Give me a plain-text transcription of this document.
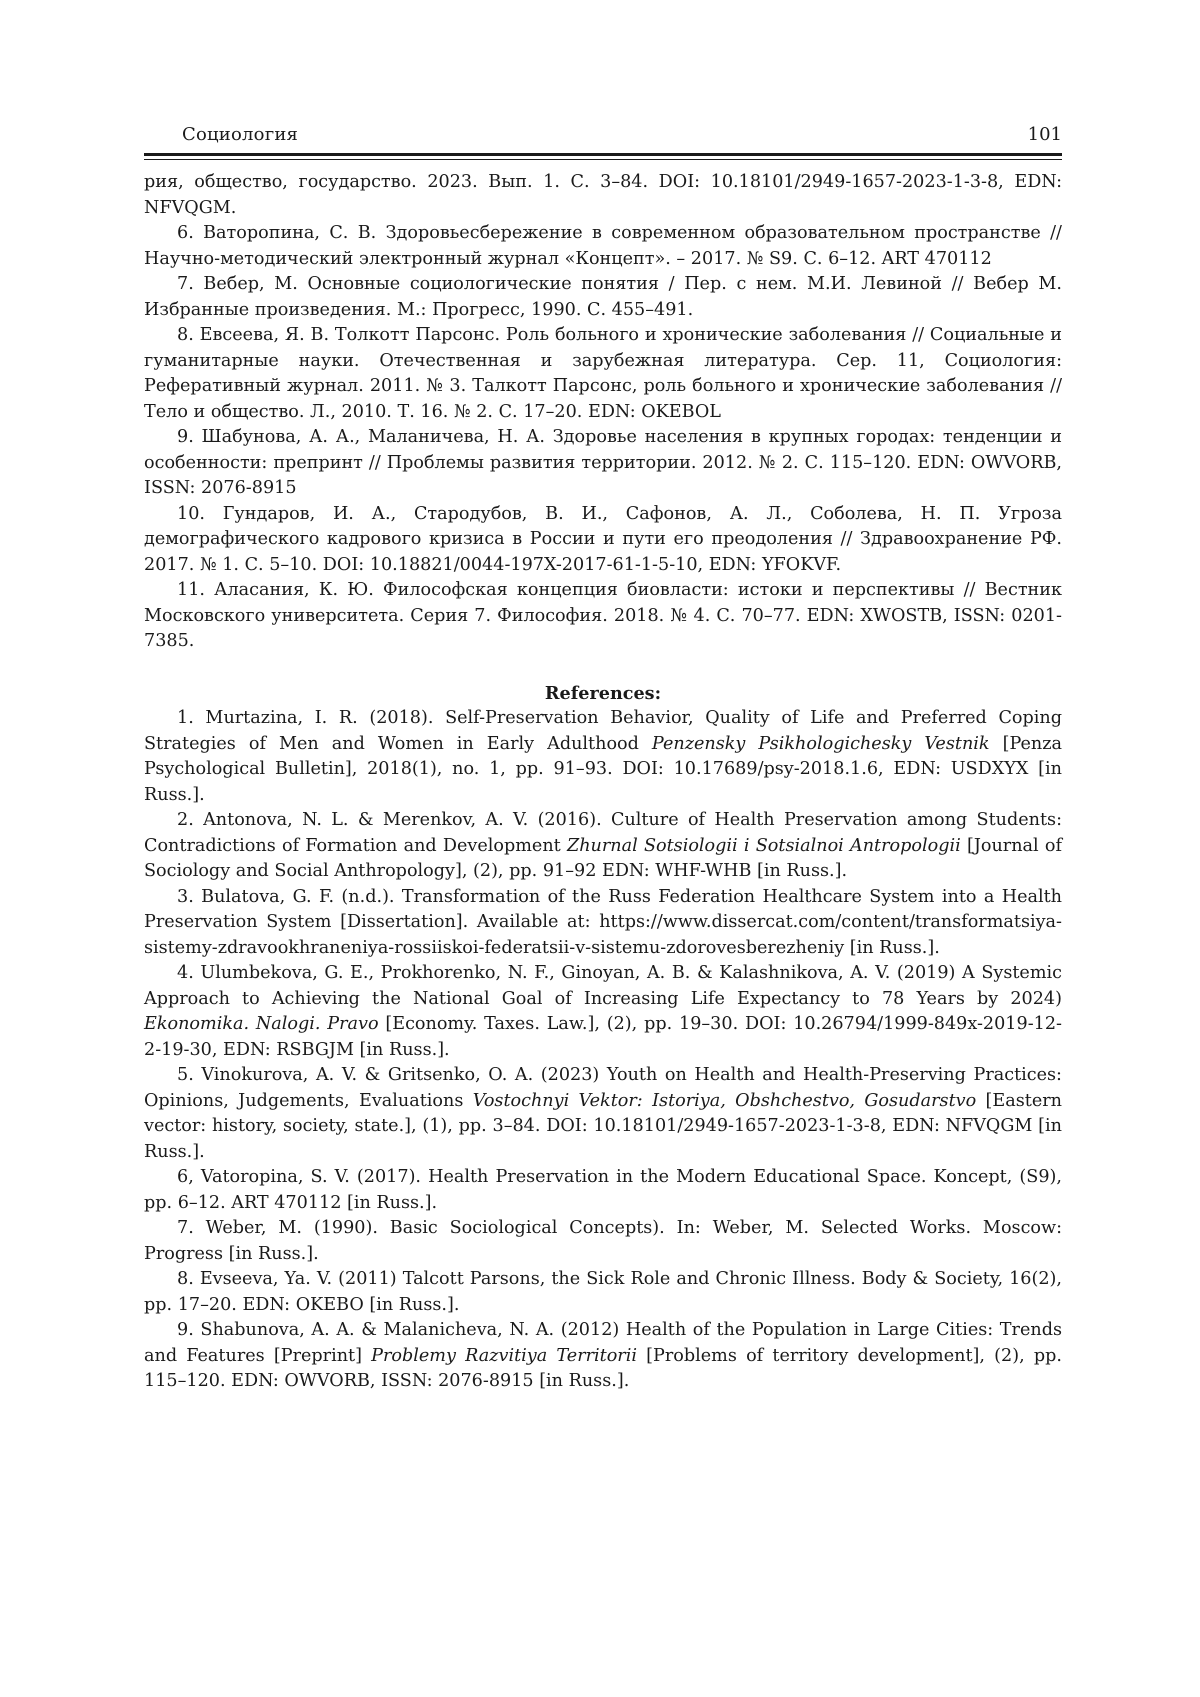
Социология	101

рия, общество, государство. 2023. Вып. 1. С. 3–84. DOI: 10.18101/2949-1657-2023-1-3-8, EDN: NFVQGM.

6. Ваторопина, С. В. Здоровьесбережение в современном образовательном пространстве // Научно-методический электронный журнал «Концепт». – 2017. № S9. С. 6–12. ART 470112

7. Вебер, М. Основные социологические понятия / Пер. с нем. М.И. Левиной // Вебер М. Избранные произведения. М.: Прогресс, 1990. С. 455–491.

8. Евсеева, Я. В. Толкотт Парсонс. Роль больного и хронические заболевания // Социальные и гуманитарные науки. Отечественная и зарубежная литература. Сер. 11, Социология: Реферативный журнал. 2011. № 3. Талкотт Парсонс, роль больного и хронические заболевания // Тело и общество. Л., 2010. Т. 16. № 2. С. 17–20. EDN: OKEBOL

9. Шабунова, А. А., Маланичева, Н. А. Здоровье населения в крупных городах: тенденции и особенности: препринт // Проблемы развития территории. 2012. № 2. С. 115–120. EDN: OWVORB, ISSN: 2076-8915

10. Гундаров, И. А., Стародубов, В. И., Сафонов, А. Л., Соболева, Н. П. Угроза демографического кадрового кризиса в России и пути его преодоления // Здравоохранение РФ. 2017. № 1. С. 5–10. DOI: 10.18821/0044-197X-2017-61-1-5-10, EDN: YFOKVF.

11. Аласания, К. Ю. Философская концепция биовласти: истоки и перспективы // Вестник Московского университета. Серия 7. Философия. 2018. № 4. С. 70–77. EDN: XWOSTB, ISSN: 0201-7385.

References:

1. Murtazina, I. R. (2018). Self-Preservation Behavior, Quality of Life and Preferred Coping Strategies of Men and Women in Early Adulthood Penzensky Psikhologichesky Vestnik [Penza Psychological Bulletin], 2018(1), no. 1, pp. 91–93. DOI: 10.17689/psy-2018.1.6, EDN: USDXYX [in Russ.].

2. Antonova, N. L. & Merenkov, A. V. (2016). Culture of Health Preservation among Students: Contradictions of Formation and Development Zhurnal Sotsiologii i Sotsialnoi Antropologii [Journal of Sociology and Social Anthropology], (2), pp. 91–92 EDN: WHF-WHB [in Russ.].

3. Bulatova, G. F. (n.d.). Transformation of the Russ Federation Healthcare System into a Health Preservation System [Dissertation]. Available at: https://www.dissercat.com/content/transformatsiya-sistemy-zdravookhraneniya-rossiiskoi-federatsii-v-sistemu-zdorovesberezheniy [in Russ.].

4. Ulumbekova, G. E., Prokhorenko, N. F., Ginoyan, A. B. & Kalashnikova, A. V. (2019) A Systemic Approach to Achieving the National Goal of Increasing Life Expectancy to 78 Years by 2024) Ekonomika. Nalogi. Pravo [Economy. Taxes. Law.], (2), pp. 19–30. DOI: 10.26794/1999-849x-2019-12-2-19-30, EDN: RSBGJM [in Russ.].

5. Vinokurova, A. V. & Gritsenko, O. A. (2023) Youth on Health and Health-Preserving Practices: Opinions, Judgements, Evaluations Vostochnyi Vektor: Istoriya, Obshchestvo, Gosudarstvo [Eastern vector: history, society, state.], (1), pp. 3–84. DOI: 10.18101/2949-1657-2023-1-3-8, EDN: NFVQGM [in Russ.].

6, Vatoropina, S. V. (2017). Health Preservation in the Modern Educational Space. Koncept, (S9), pp. 6–12. ART 470112 [in Russ.].

7. Weber, M. (1990). Basic Sociological Concepts). In: Weber, M. Selected Works. Moscow: Progress [in Russ.].

8. Evseeva, Ya. V. (2011) Talcott Parsons, the Sick Role and Chronic Illness. Body & Society, 16(2), pp. 17–20. EDN: OKEBO [in Russ.].

9. Shabunova, A. A. & Malanicheva, N. A. (2012) Health of the Population in Large Cities: Trends and Features [Preprint] Problemy Razvitiya Territorii [Problems of territory development], (2), pp. 115–120. EDN: OWVORB, ISSN: 2076-8915 [in Russ.].
